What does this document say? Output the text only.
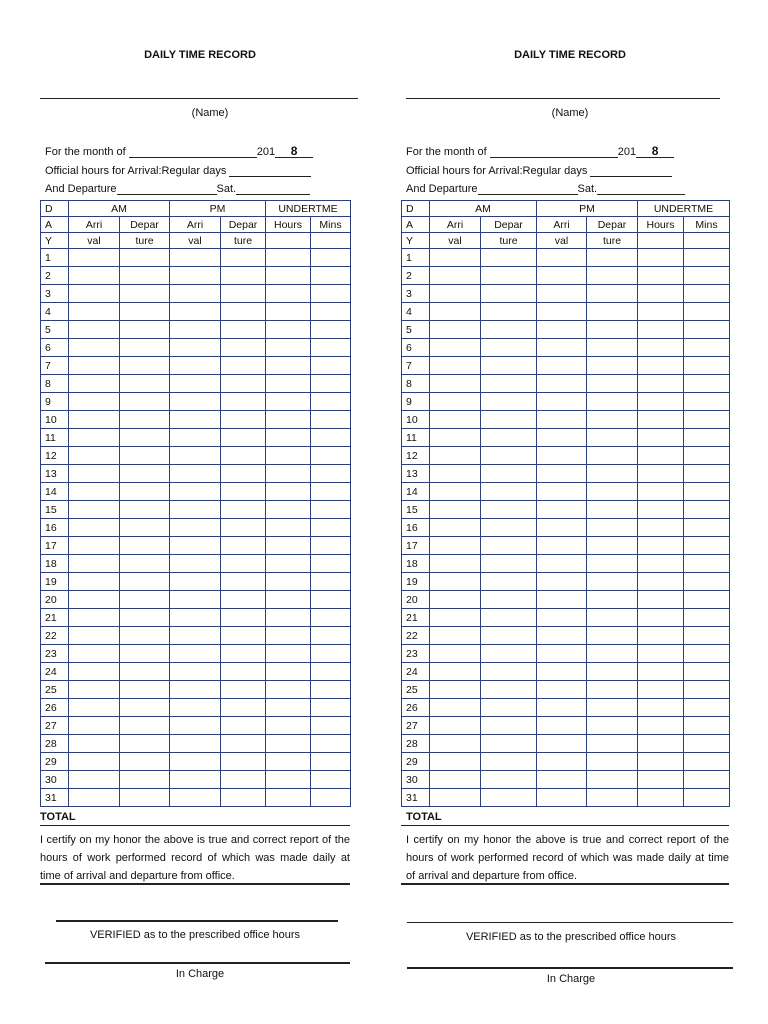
DAILY TIME RECORD
(Name)
For the month of	201 8
Official hours for Arrival:Regular days
And Departure	Sat.
D	AM		PM		UNDERTME	
A	Arri	Depar	Arri	Depar	Hours	Mins
Y	val	ture	val	ture		
1						
2						
3						
4						
5						
6						
7						
8						
9						
10						
11						
12						
13						
14						
15						
16						
17						
18						
19						
20						
21						
22						
23						
24						
25						
26						
27						
28						
29						
30						
31						
TOTAL
I certify on my honor the above is true and correct report of the hours of work performed record of which was made daily at time of arrival and departure from office.
VERIFIED as to the prescribed office hours
In Charge
DAILY TIME RECORD
(Name)
For the month of	201 8
Official hours for Arrival:Regular days
And Departure	Sat.
D	AM		PM		UNDERTME	
A	Arri	Depar	Arri	Depar	Hours	Mins
Y	val	ture	val	ture		
1						
2						
3						
4						
5						
6						
7						
8						
9						
10						
11						
12						
13						
14						
15						
16						
17						
18						
19						
20						
21						
22						
23						
24						
25						
26						
27						
28						
29						
30						
31						
TOTAL
I certify on my honor the above is true and correct report of the hours of work performed record of which was made daily at time of arrival and departure from office.
VERIFIED as to the prescribed office hours
In Charge
